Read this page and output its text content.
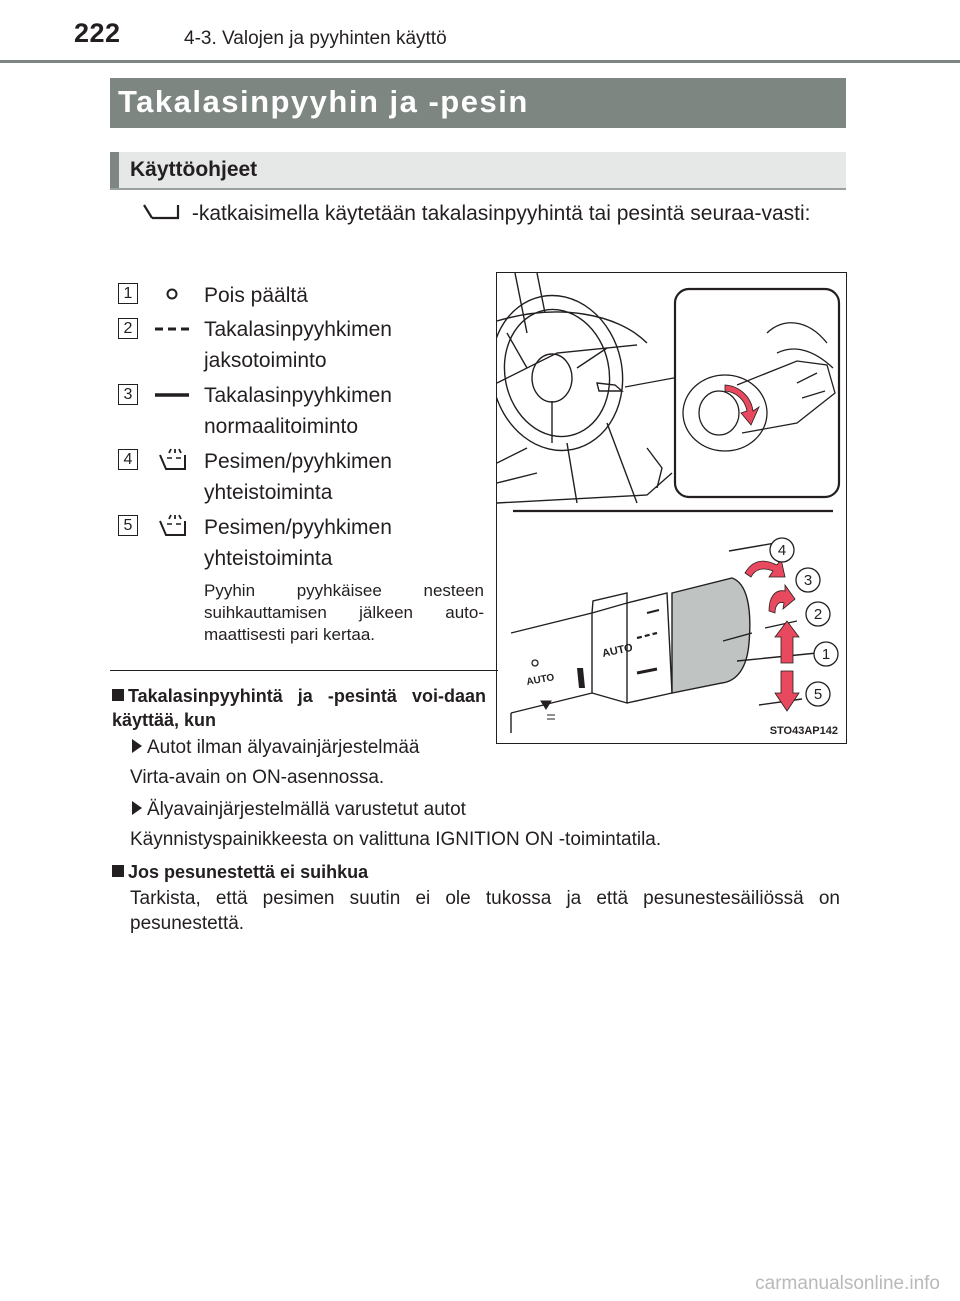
222	4-3. Valojen ja pyyhinten käyttö
Takalasinpyyhin ja -pesin
Käyttöohjeet
-katkaisimella käytetään takalasinpyyhintä tai pesintä seuraa-vasti:
1	Pois päältä
2	Takalasinpyyhkimen
jaksotoiminto
3	Takalasinpyyhkimen
normaalitoiminto
4	Pesimen/pyyhkimen
yhteistoiminta
5	Pesimen/pyyhkimen
yhteistoiminta
Pyyhin pyyhkäisee nesteen suihkauttamisen jälkeen auto-maattisesti pari kertaa.
AUTO
AUTO
4
3
2
1
5
STO43AP142
Takalasinpyyhintä ja -pesintä voi-daan käyttää, kun
Autot ilman älyavainjärjestelmää
Virta-avain on ON-asennossa.
Älyavainjärjestelmällä varustetut autot
Käynnistyspainikkeesta on valittuna IGNITION ON -toimintatila.
Jos pesunestettä ei suihkua
Tarkista, että pesimen suutin ei ole tukossa ja että pesunestesäiliössä on pesunestettä.
carmanualsonline.info
